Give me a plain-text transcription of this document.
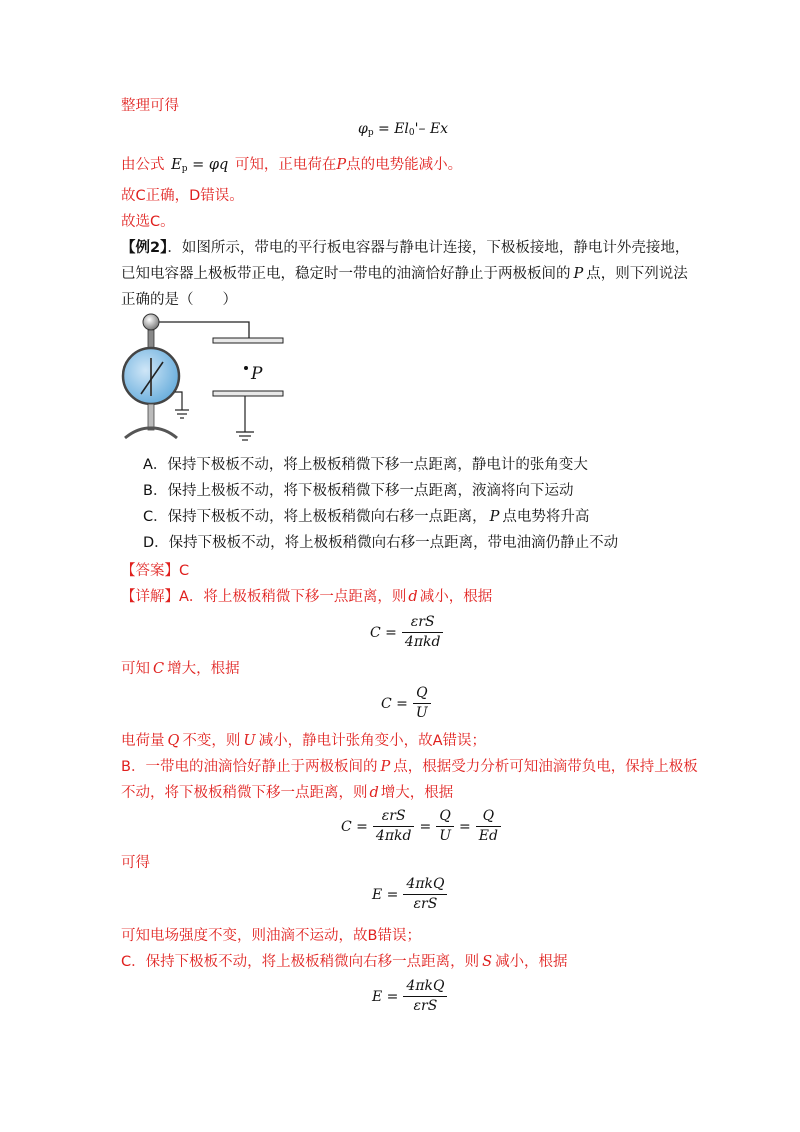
整理可得
φp = El0'– Ex
由公式 Ep = φq 可知，正电荷在P点的电势能减小。
故C正确，D错误。
故选C。
【例2】．如图所示，带电的平行板电容器与静电计连接，下极板接地，静电计外壳接地，
已知电容器上极板带正电，稳定时一带电的油滴恰好静止于两极板间的 P 点，则下列说法
正确的是（　　）
P
A．保持下极板不动，将上极板稍微下移一点距离，静电计的张角变大
B．保持上极板不动，将下极板稍微下移一点距离，液滴将向下运动
C．保持下极板不动，将上极板稍微向右移一点距离， P 点电势将升高
D．保持下极板不动，将上极板稍微向右移一点距离，带电油滴仍静止不动
【答案】C
【详解】A．将上极板稍微下移一点距离，则 d 减小，根据
C =
εrS
4πkd
可知 C 增大，根据
$C = \frac{Q}{U}$
电荷量 Q 不变，则 U 减小，静电计张角变小，故A错误；
B．一带电的油滴恰好静止于两极板间的 P 点，根据受力分析可知油滴带负电，保持上极板
不动，将下极板稍微下移一点距离，则 d 增大，根据
C =
εrS
4πkd
= $\frac{Q}{U} = \frac{Q}{Ed}$
可得
E =
4πkQ
εrS
可知电场强度不变，则油滴不运动，故B错误；
C．保持下极板不动，将上极板稍微向右移一点距离，则 S 减小，根据
E =
4πkQ
εrS
